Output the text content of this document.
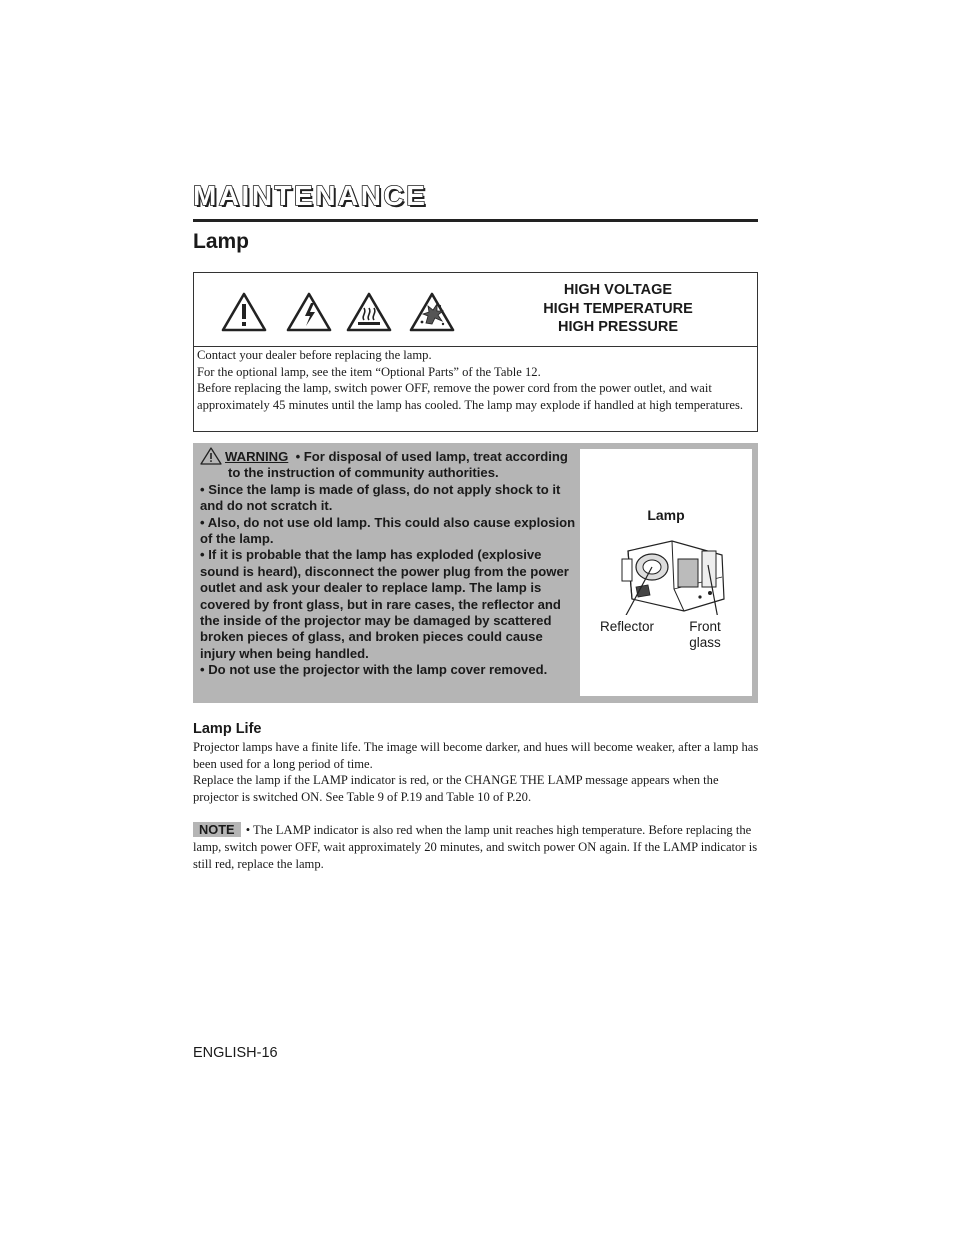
MAINTENANCE
Lamp
HIGH VOLTAGE
HIGH TEMPERATURE
HIGH PRESSURE
Contact your dealer before replacing the lamp.
For the optional lamp, see the item “Optional Parts” of the Table 12.
Before replacing the lamp, switch power OFF, remove the power cord from the power outlet, and wait approximately 45 minutes until the lamp has cooled. The lamp may explode if handled at high temperatures.
WARNING • For disposal of used lamp, treat according to the instruction of community authorities.
• Since the lamp is made of glass, do not apply shock to it and do not scratch it.
• Also, do not use old lamp. This could also cause explosion of the lamp.
• If it is probable that the lamp has exploded (explosive sound is heard), disconnect the power plug from the power outlet and ask your dealer to replace lamp. The lamp is covered by front glass, but in rare cases, the reflector and the inside of the projector may be damaged by scattered broken pieces of glass, and broken pieces could cause injury when being handled.
• Do not use the projector with the lamp cover removed.
Lamp
Reflector	Front
glass
Lamp Life
Projector lamps have a finite life. The image will become darker, and hues will become weaker, after a lamp has been used for a long period of time.
Replace the lamp if the LAMP indicator is red, or the CHANGE THE LAMP message appears when the projector is switched ON. See Table 9 of P.19 and Table 10 of P.20.
NOTE • The LAMP indicator is also red when the lamp unit reaches high temperature. Before replacing the lamp, switch power OFF, wait approximately 20 minutes, and switch power ON again. If the LAMP indicator is still red, replace the lamp.
ENGLISH-16
